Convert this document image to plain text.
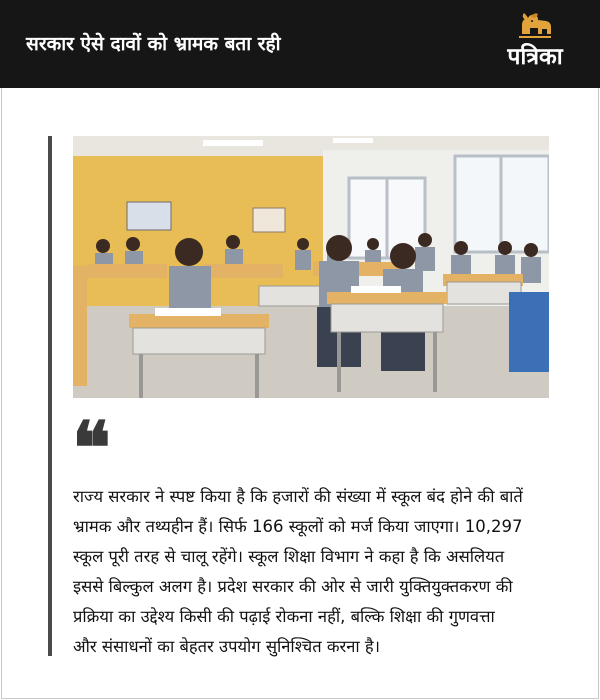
सरकार ऐसे दावों को भ्रामक बता रही	पत्रिका
❝
राज्य सरकार ने स्पष्ट किया है कि हजारों की संख्या में स्कूल बंद होने की बातें
भ्रामक और तथ्यहीन हैं। सिर्फ 166 स्कूलों को मर्ज किया जाएगा। 10,297
स्कूल पूरी तरह से चालू रहेंगे। स्कूल शिक्षा विभाग ने कहा है कि असलियत
इससे बिल्कुल अलग है। प्रदेश सरकार की ओर से जारी युक्तियुक्तकरण की
प्रक्रिया का उद्देश्य किसी की पढ़ाई रोकना नहीं, बल्कि शिक्षा की गुणवत्ता
और संसाधनों का बेहतर उपयोग सुनिश्चित करना है।
